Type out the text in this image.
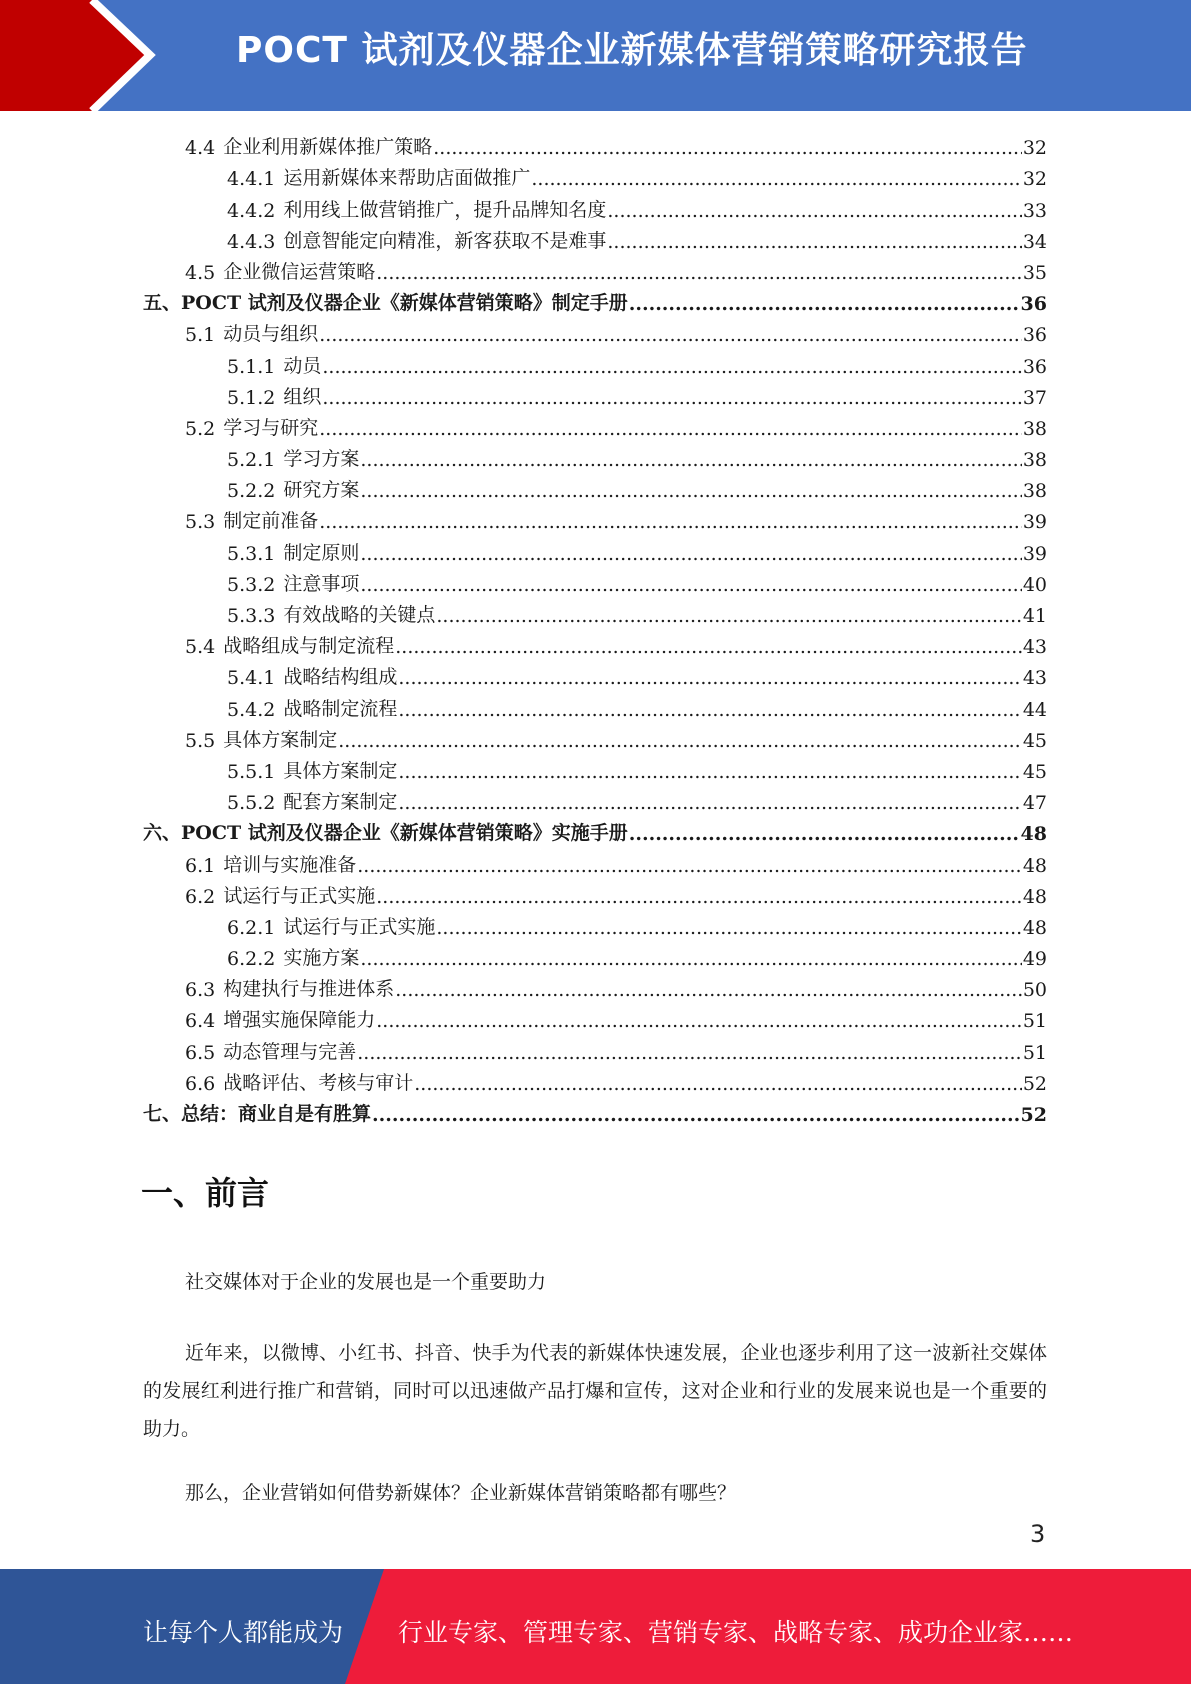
POCT 试剂及仪器企业新媒体营销策略研究报告
4.4 企业利用新媒体推广策略 .....	32
4.4.1 运用新媒体来帮助店面做推广 .....	32
4.4.2 利用线上做营销推广，提升品牌知名度 .....	33
4.4.3 创意智能定向精准，新客获取不是难事 .....	34
4.5 企业微信运营策略 .....	35
五、 POCT 试剂及仪器企业《新媒体营销策略》制定手册 .....	36
5.1 动员与组织 .....	36
5.1.1 动员 .....	36
5.1.2 组织 .....	37
5.2 学习与研究 .....	38
5.2.1 学习方案 .....	38
5.2.2 研究方案 .....	38
5.3 制定前准备 .....	39
5.3.1 制定原则 .....	39
5.3.2 注意事项 .....	40
5.3.3 有效战略的关键点 .....	41
5.4 战略组成与制定流程 .....	43
5.4.1 战略结构组成 .....	43
5.4.2 战略制定流程 .....	44
5.5 具体方案制定 .....	45
5.5.1 具体方案制定 .....	45
5.5.2 配套方案制定 .....	47
六、 POCT 试剂及仪器企业《新媒体营销策略》实施手册 .....	48
6.1 培训与实施准备 .....	48
6.2 试运行与正式实施 .....	48
6.2.1 试运行与正式实施 .....	48
6.2.2 实施方案 .....	49
6.3 构建执行与推进体系 .....	50
6.4 增强实施保障能力 .....	51
6.5 动态管理与完善 .....	51
6.6 战略评估、考核与审计 .....	52
七、 总结：商业自是有胜算 .....	52
一、前言
社交媒体对于企业的发展也是一个重要助力
近年来，以微博、小红书、抖音、快手为代表的新媒体快速发展，企业也逐步利用了这一波新社交媒体的发展红利进行推广和营销，同时可以迅速做产品打爆和宣传，这对企业和行业的发展来说也是一个重要的助力。
那么，企业营销如何借势新媒体？企业新媒体营销策略都有哪些？
3
让每个人都能成为 行业专家、管理专家、营销专家、战略专家、成功企业家……
